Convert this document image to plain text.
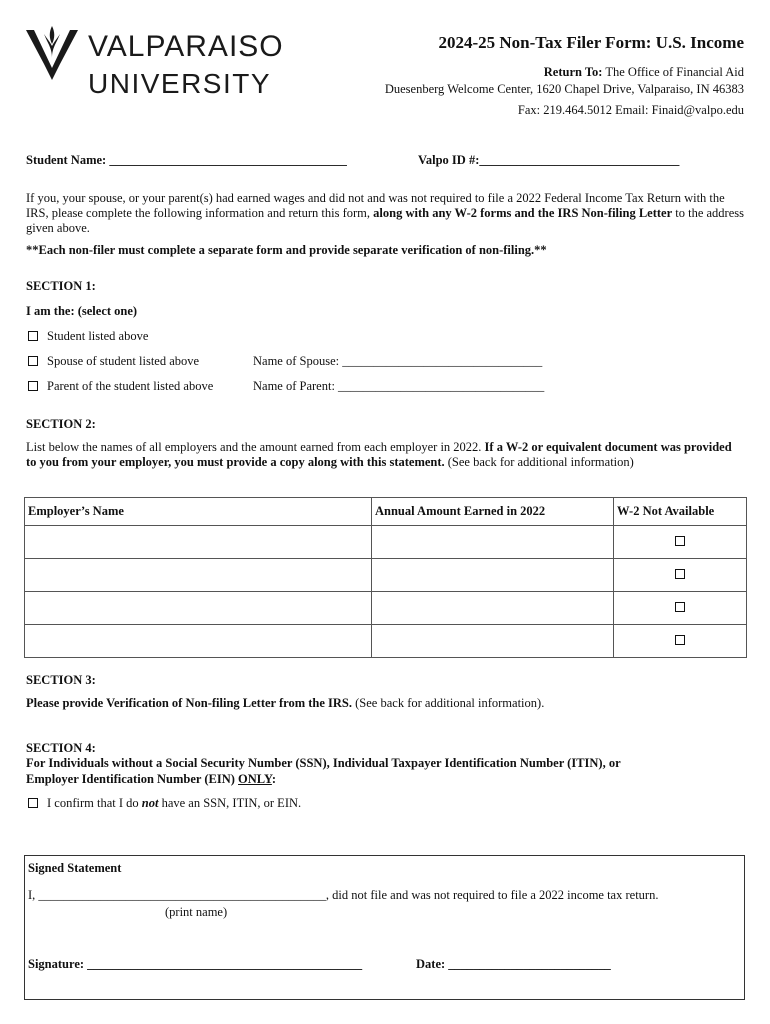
VALPARAISO
UNIVERSITY
2024-25 Non-Tax Filer Form: U.S. Income
Return To: The Office of Financial Aid
Duesenberg Welcome Center, 1620 Chapel Drive, Valparaiso, IN 46383
Fax: 219.464.5012 Email: Finaid@valpo.edu
Student Name: ______________________________________	Valpo ID #:________________________________
If you, your spouse, or your parent(s) had earned wages and did not and was not required to file a 2022 Federal Income Tax Return with the IRS, please complete the following information and return this form, along with any W-2 forms and the IRS Non-filing Letter to the address given above.
**Each non-filer must complete a separate form and provide separate verification of non-filing.**
SECTION 1:
I am the: (select one)
Student listed above
Spouse of student listed above	Name of Spouse: ________________________________
Parent of the student listed above	Name of Parent: _________________________________
SECTION 2:
List below the names of all employers and the amount earned from each employer in 2022. If a W-2 or equivalent document was provided to you from your employer, you must provide a copy along with this statement. (See back for additional information)
Employer’s Name	Annual Amount Earned in 2022	W-2 Not Available

SECTION 3:
Please provide Verification of Non-filing Letter from the IRS. (See back for additional information).
SECTION 4:
For Individuals without a Social Security Number (SSN), Individual Taxpayer Identification Number (ITIN), or
Employer Identification Number (EIN) ONLY:
I confirm that I do not have an SSN, ITIN, or EIN.
Signed Statement
I, ______________________________________________, did not file and was not required to file a 2022 income tax return.
(print name)
Signature: ____________________________________________	Date: __________________________
